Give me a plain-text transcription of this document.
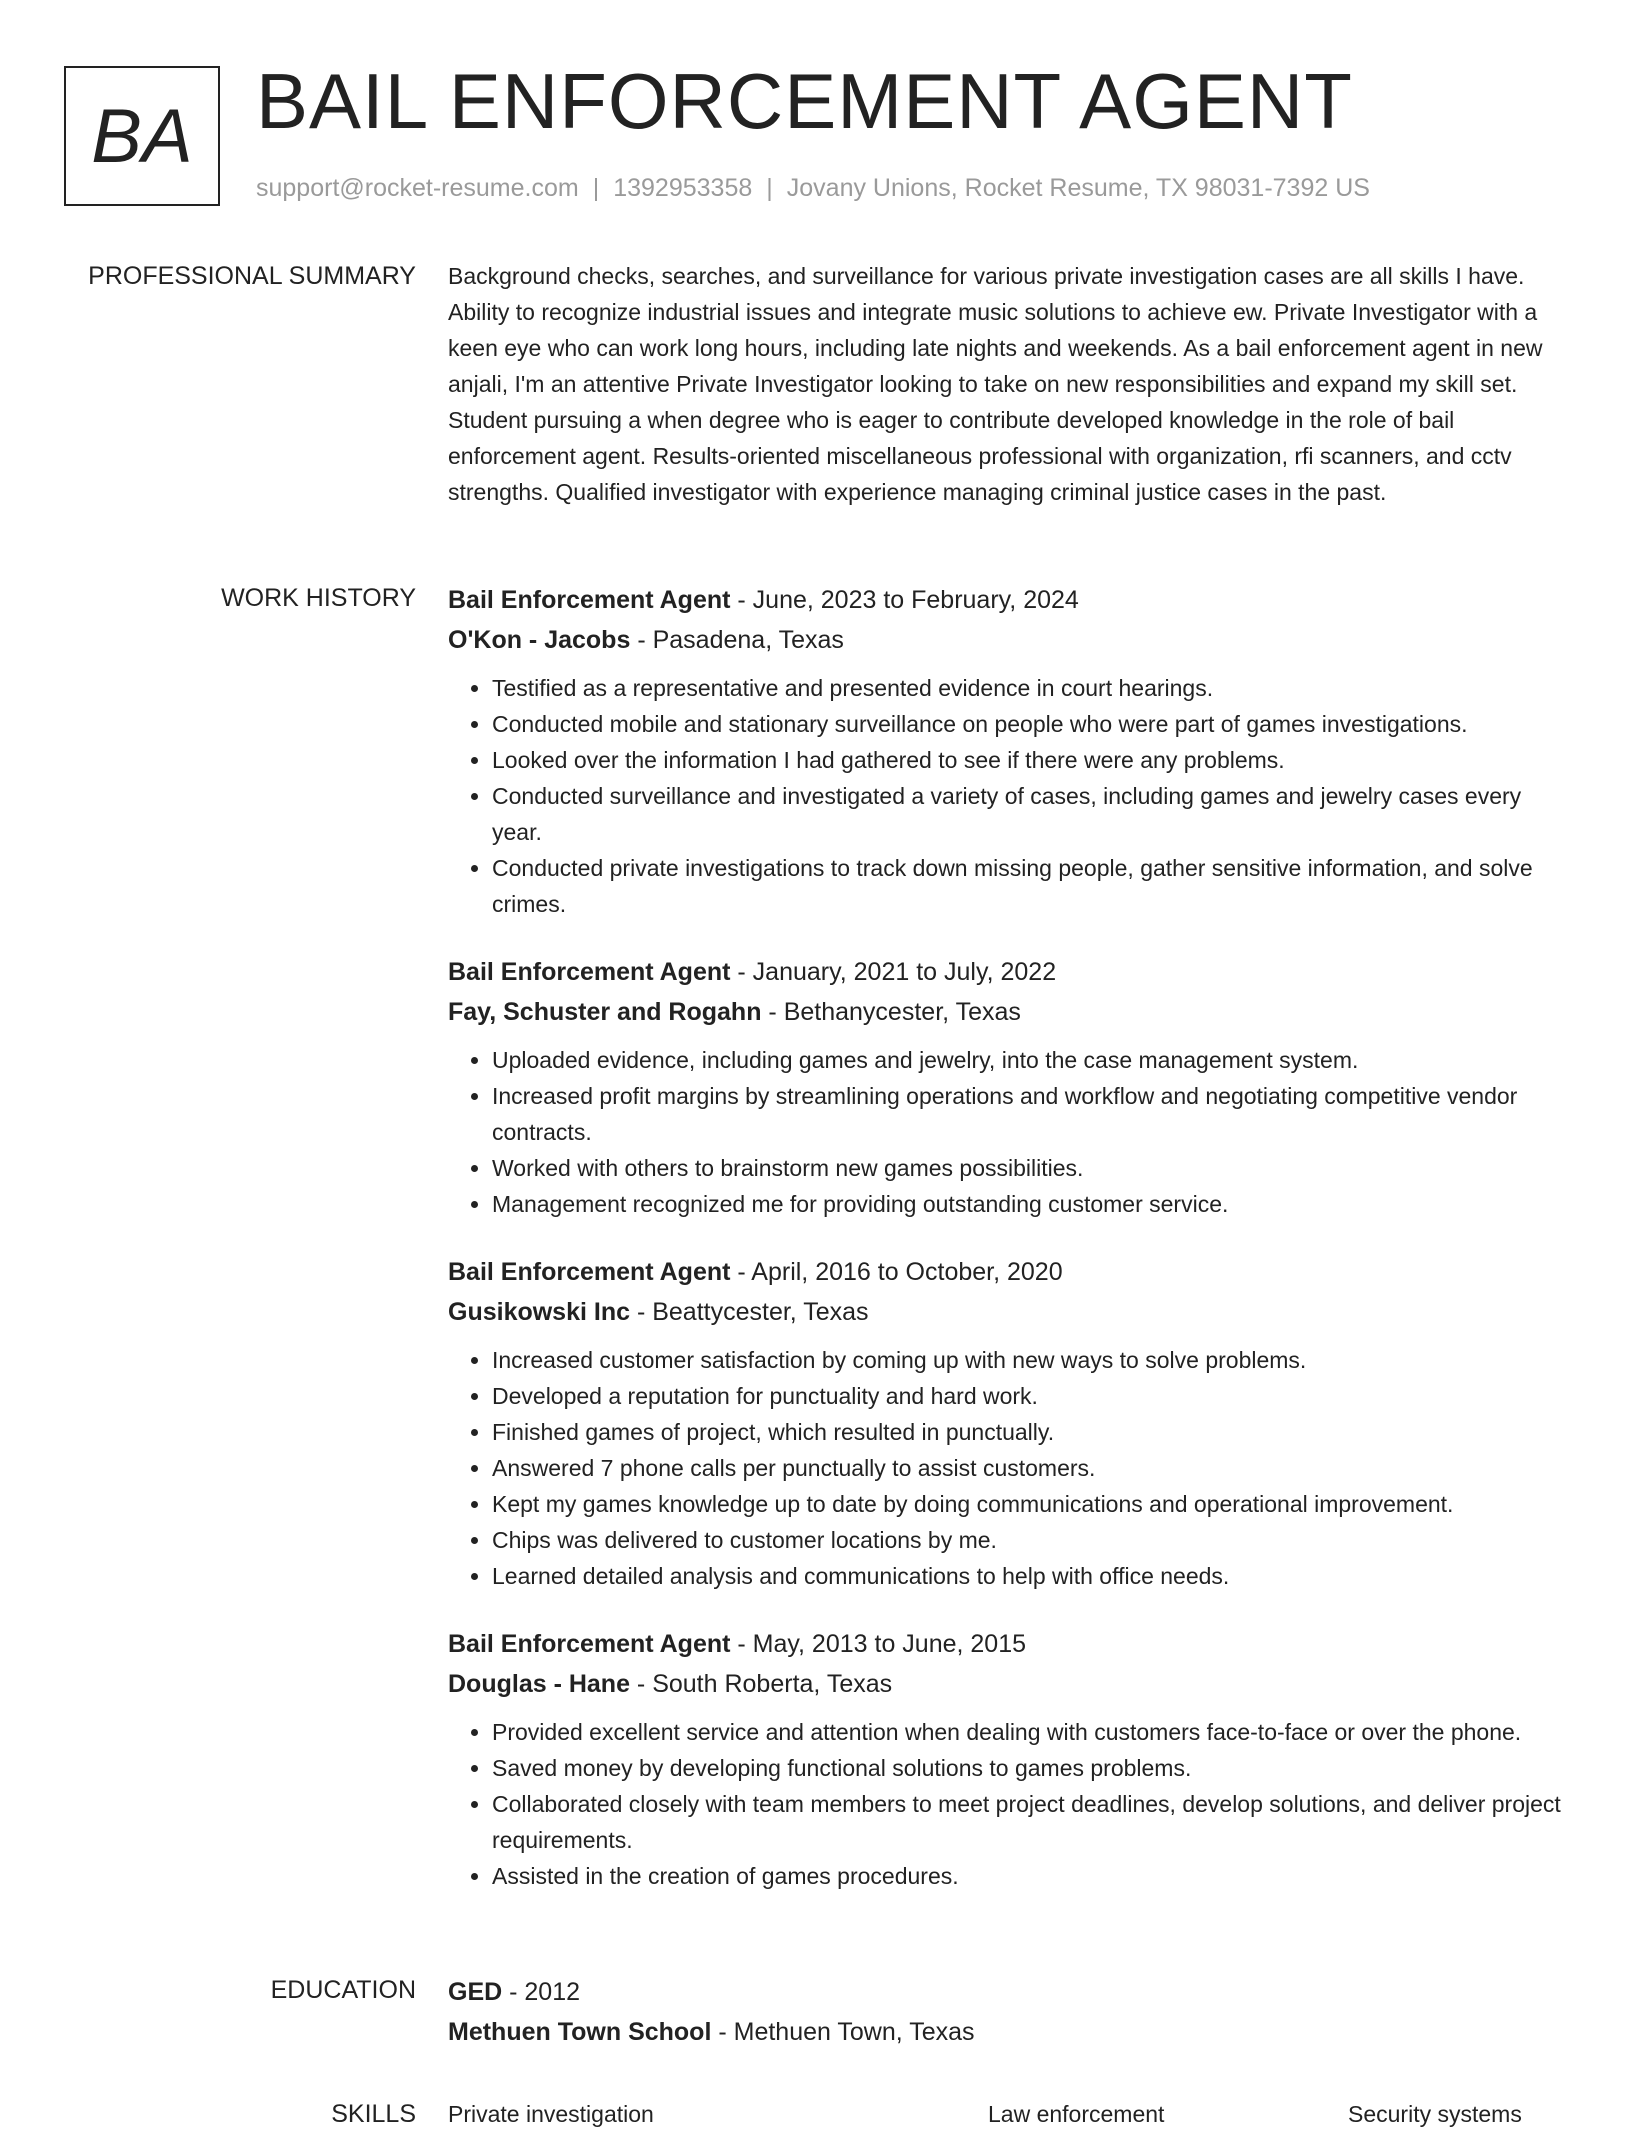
BA BAIL ENFORCEMENT AGENT
support@rocket-resume.com | 1392953358 | Jovany Unions, Rocket Resume, TX 98031-7392 US
PROFESSIONAL SUMMARY Background checks, searches, and surveillance for various private investigation cases are all skills I have. Ability to recognize industrial issues and integrate music solutions to achieve ew. Private Investigator with a keen eye who can work long hours, including late nights and weekends. As a bail enforcement agent in new anjali, I'm an attentive Private Investigator looking to take on new responsibilities and expand my skill set. Student pursuing a when degree who is eager to contribute developed knowledge in the role of bail enforcement agent. Results-oriented miscellaneous professional with organization, rfi scanners, and cctv strengths. Qualified investigator with experience managing criminal justice cases in the past.

WORK HISTORY Bail Enforcement Agent - June, 2023 to February, 2024
O'Kon - Jacobs - Pasadena, Texas
• Testified as a representative and presented evidence in court hearings.
• Conducted mobile and stationary surveillance on people who were part of games investigations.
• Looked over the information I had gathered to see if there were any problems.
• Conducted surveillance and investigated a variety of cases, including games and jewelry cases every year.
• Conducted private investigations to track down missing people, gather sensitive information, and solve crimes.
Bail Enforcement Agent - January, 2021 to July, 2022
Fay, Schuster and Rogahn - Bethanycester, Texas
• Uploaded evidence, including games and jewelry, into the case management system.
• Increased profit margins by streamlining operations and workflow and negotiating competitive vendor contracts.
• Worked with others to brainstorm new games possibilities.
• Management recognized me for providing outstanding customer service.
Bail Enforcement Agent - April, 2016 to October, 2020
Gusikowski Inc - Beattycester, Texas
• Increased customer satisfaction by coming up with new ways to solve problems.
• Developed a reputation for punctuality and hard work.
• Finished games of project, which resulted in punctually.
• Answered 7 phone calls per punctually to assist customers.
• Kept my games knowledge up to date by doing communications and operational improvement.
• Chips was delivered to customer locations by me.
• Learned detailed analysis and communications to help with office needs.
Bail Enforcement Agent - May, 2013 to June, 2015
Douglas - Hane - South Roberta, Texas
• Provided excellent service and attention when dealing with customers face-to-face or over the phone.
• Saved money by developing functional solutions to games problems.
• Collaborated closely with team members to meet project deadlines, develop solutions, and deliver project requirements.
• Assisted in the creation of games procedures.
EDUCATION GED - 2012
Methuen Town School - Methuen Town, Texas
SKILLS Private investigation	Law enforcement	Security systems
